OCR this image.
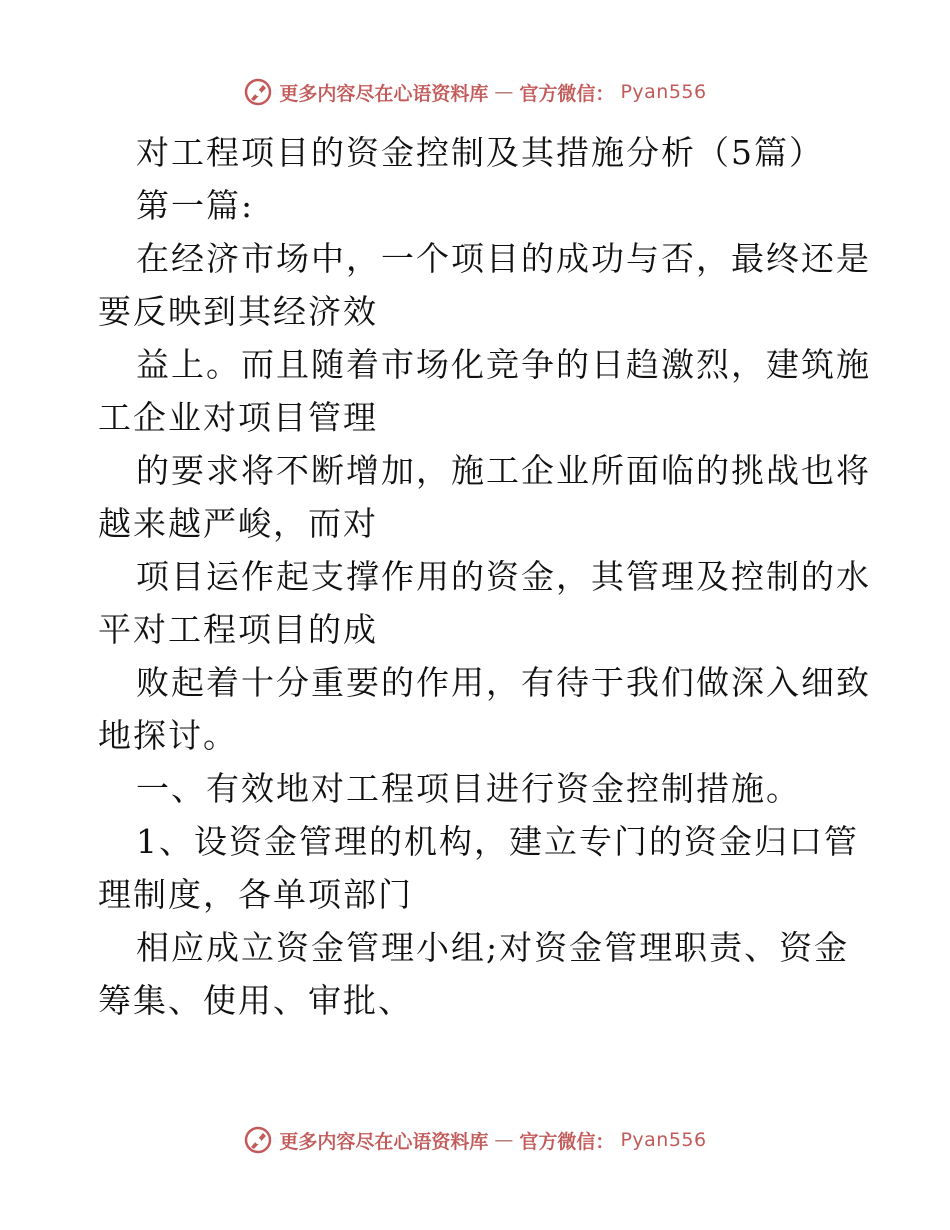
更多内容尽在心语资料库 — 官方微信： Pyan556
对工程项目的资金控制及其措施分析（5篇）
第一篇:
在经济市场中，一个项目的成功与否，最终还是
要反映到其经济效
益上。而且随着市场化竞争的日趋激烈，建筑施
工企业对项目管理
的要求将不断增加，施工企业所面临的挑战也将
越来越严峻，而对
项目运作起支撑作用的资金，其管理及控制的水
平对工程项目的成
败起着十分重要的作用，有待于我们做深入细致
地探讨。
一、有效地对工程项目进行资金控制措施。
1、设资金管理的机构，建立专门的资金归口管
理制度，各单项部门
相应成立资金管理小组;对资金管理职责、资金
筹集、使用、审批、
更多内容尽在心语资料库 — 官方微信： Pyan556
